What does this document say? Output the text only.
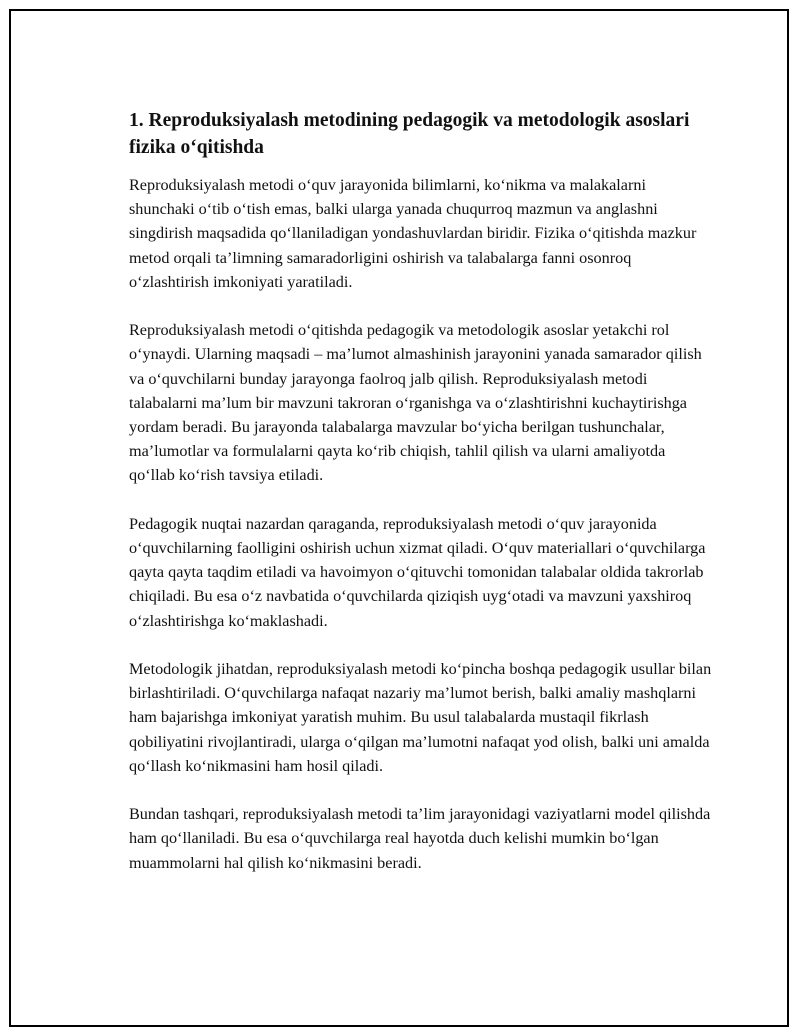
1. Reproduksiyalash metodining pedagogik va metodologik asoslari fizika o‘qitishda

Reproduksiyalash metodi o‘quv jarayonida bilimlarni, ko‘nikma va malakalarni shunchaki o‘tib o‘tish emas, balki ularga yanada chuqurroq mazmun va anglashni singdirish maqsadida qo‘llaniladigan yondashuvlardan biridir. Fizika o‘qitishda mazkur metod orqali ta’limning samaradorligini oshirish va talabalarga fanni osonroq o‘zlashtirish imkoniyati yaratiladi.

Reproduksiyalash metodi o‘qitishda pedagogik va metodologik asoslar yetakchi rol o‘ynaydi. Ularning maqsadi – ma’lumot almashinish jarayonini yanada samarador qilish va o‘quvchilarni bunday jarayonga faolroq jalb qilish. Reproduksiyalash metodi talabalarni ma’lum bir mavzuni takroran o‘rganishga va o‘zlashtirishni kuchaytirishga yordam beradi. Bu jarayonda talabalarga mavzular bo‘yicha berilgan tushunchalar, ma’lumotlar va formulalarni qayta ko‘rib chiqish, tahlil qilish va ularni amaliyotda qo‘llab ko‘rish tavsiya etiladi.

Pedagogik nuqtai nazardan qaraganda, reproduksiyalash metodi o‘quv jarayonida o‘quvchilarning faolligini oshirish uchun xizmat qiladi. O‘quv materiallari o‘quvchilarga qayta qayta taqdim etiladi va havoimyon o‘qituvchi tomonidan talabalar oldida takrorlab chiqiladi. Bu esa o‘z navbatida o‘quvchilarda qiziqish uyg‘otadi va mavzuni yaxshiroq o‘zlashtirishga ko‘maklashadi.

Metodologik jihatdan, reproduksiyalash metodi ko‘pincha boshqa pedagogik usullar bilan birlashtiriladi. O‘quvchilarga nafaqat nazariy ma’lumot berish, balki amaliy mashqlarni ham bajarishga imkoniyat yaratish muhim. Bu usul talabalarda mustaqil fikrlash qobiliyatini rivojlantiradi, ularga o‘qilgan ma’lumotni nafaqat yod olish, balki uni amalda qo‘llash ko‘nikmasini ham hosil qiladi.

Bundan tashqari, reproduksiyalash metodi ta’lim jarayonidagi vaziyatlarni model qilishda ham qo‘llaniladi. Bu esa o‘quvchilarga real hayotda duch kelishi mumkin bo‘lgan muammolarni hal qilish ko‘nikmasini beradi.
